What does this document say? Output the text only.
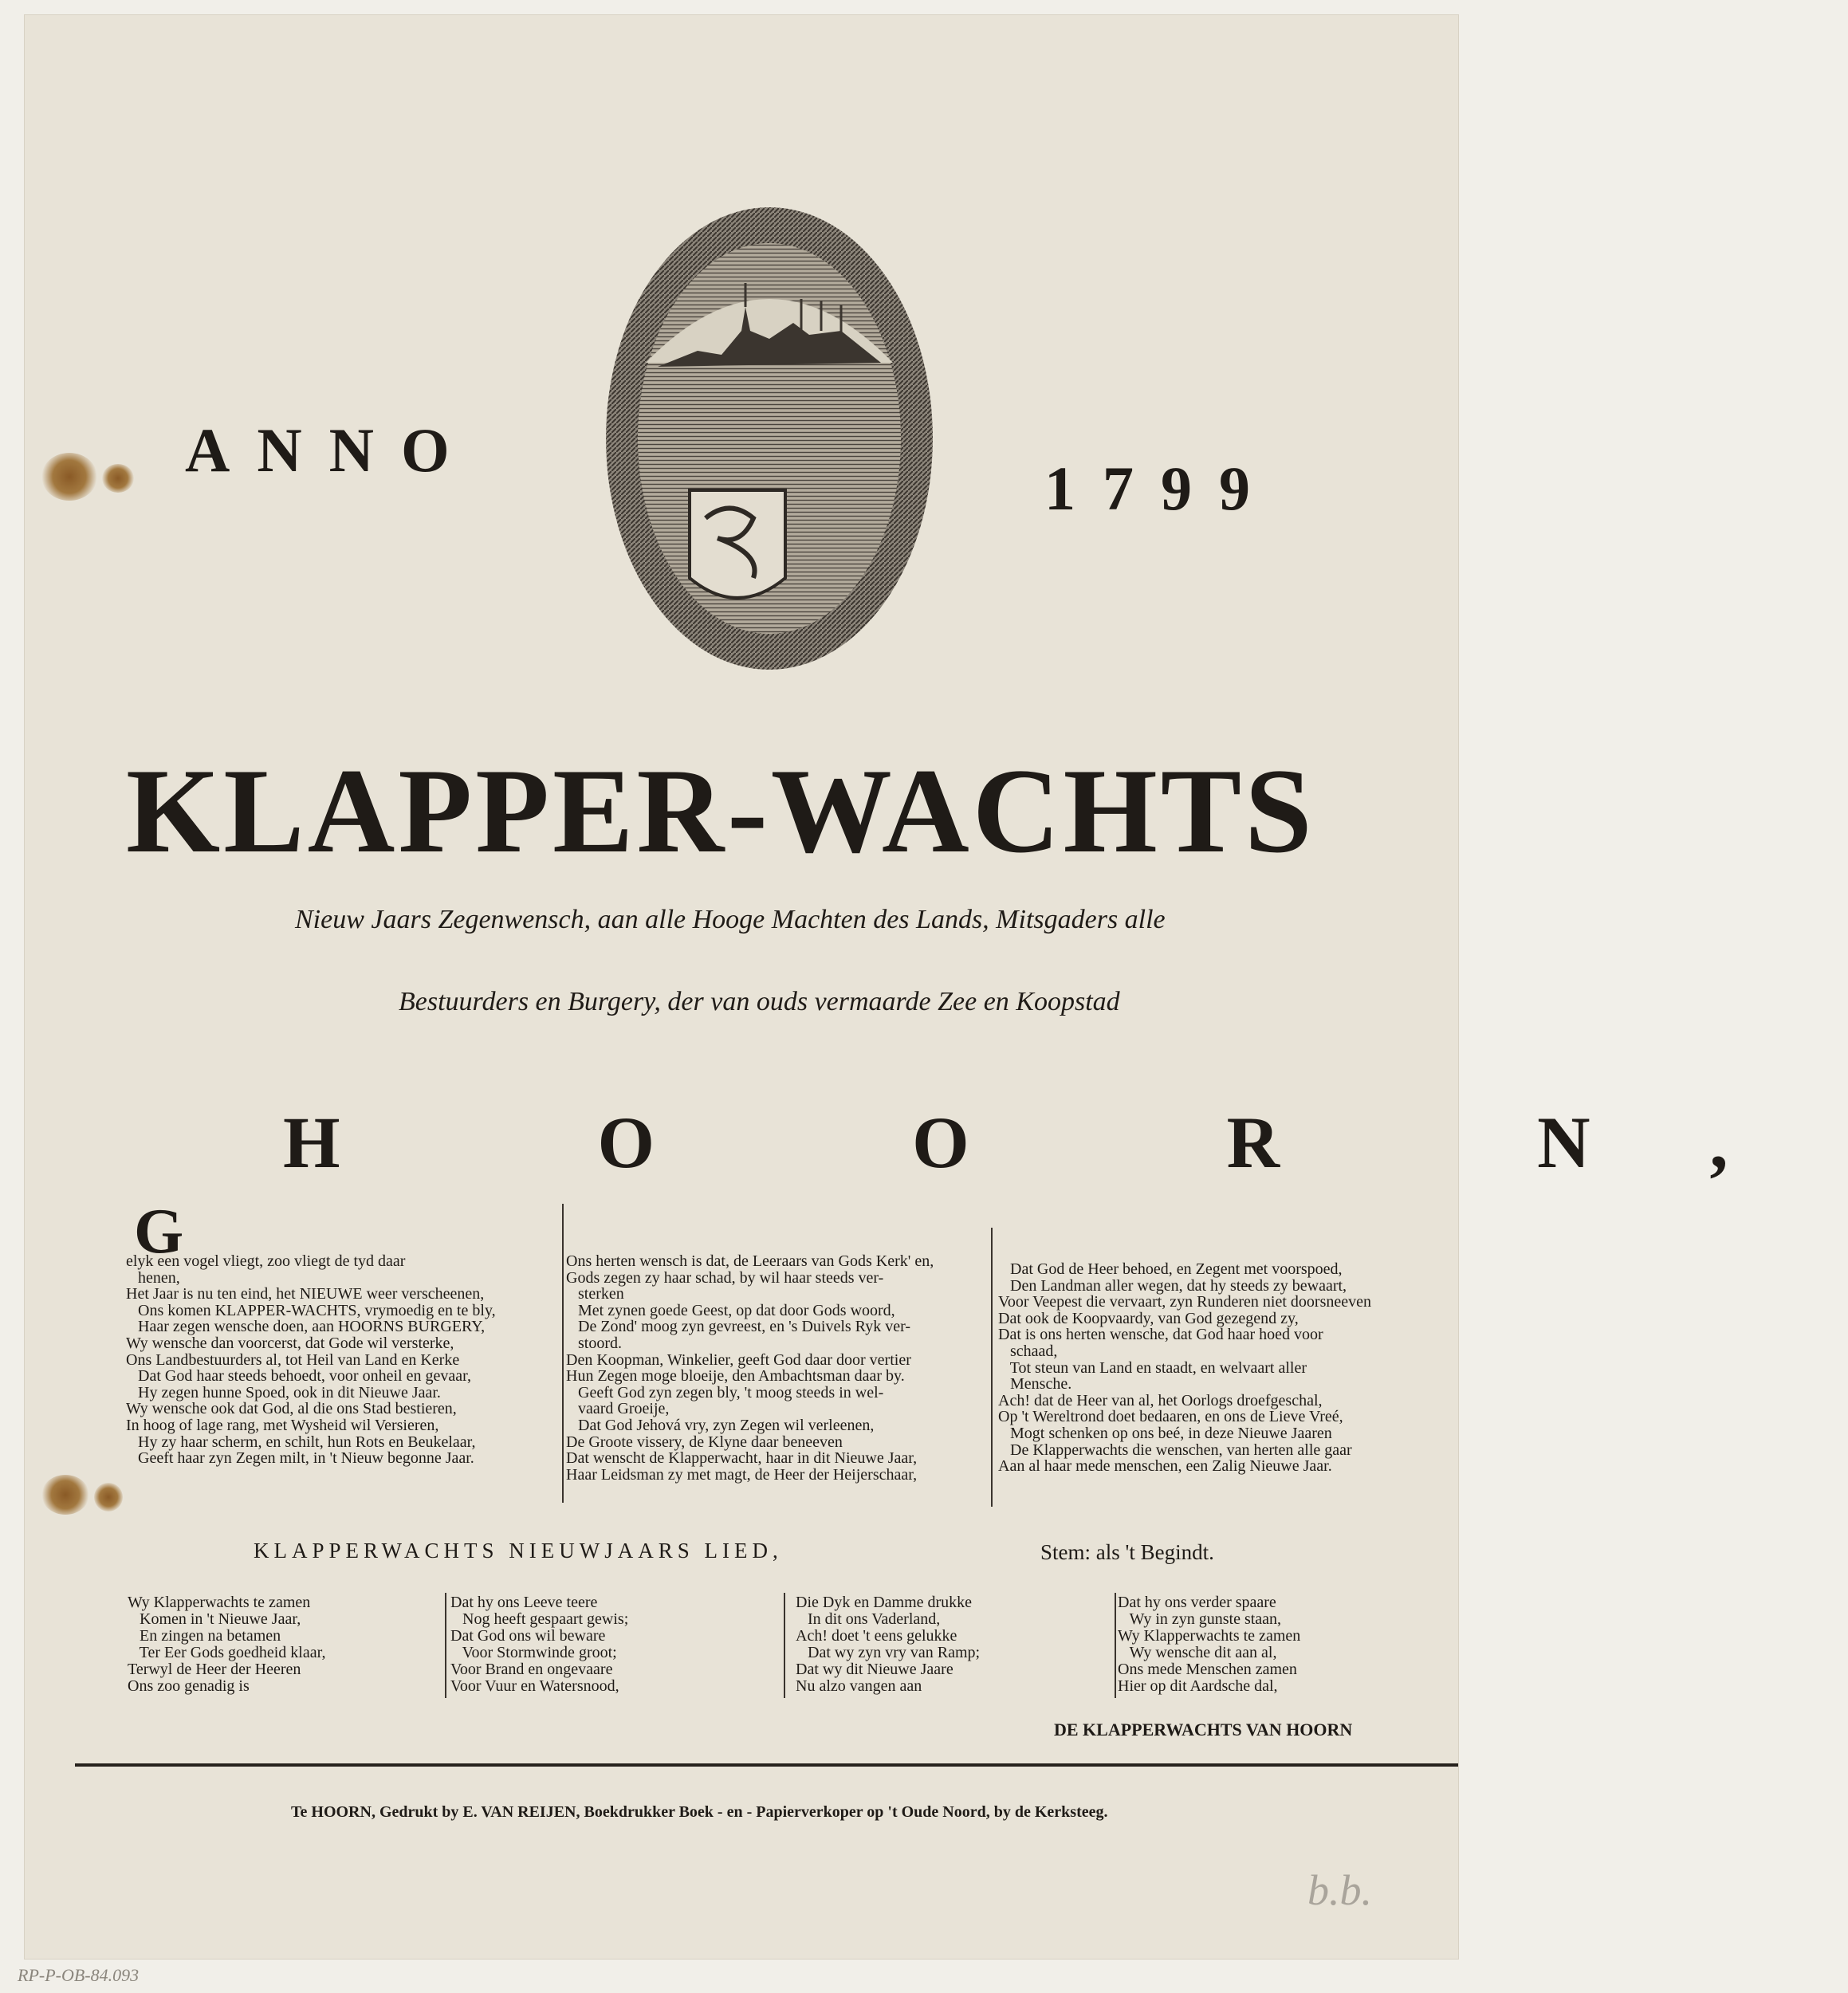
ANNO
1799
KLAPPER-WACHTS
Nieuw Jaars Zegenwensch, aan alle Hooge Machten des Lands, Mitsgaders alle
Bestuurders en Burgery, der van ouds vermaarde Zee en Koopstad
H O O R N,
G
elyk een vogel vliegt, zoo vliegt de tyd daar
henen,
Het Jaar is nu ten eind, het NIEUWE weer verscheenen,
Ons komen KLAPPER-WACHTS, vrymoedig en te bly,
Haar zegen wensche doen, aan HOORNS BURGERY,
Wy wensche dan voorcerst, dat Gode wil versterke,
Ons Landbestuurders al, tot Heil van Land en Kerke
Dat God haar steeds behoedt, voor onheil en gevaar,
Hy zegen hunne Spoed, ook in dit Nieuwe Jaar.
Wy wensche ook dat God, al die ons Stad bestieren,
In hoog of lage rang, met Wysheid wil Versieren,
Hy zy haar scherm, en schilt, hun Rots en Beukelaar,
Geeft haar zyn Zegen milt, in 't Nieuw begonne Jaar.
Ons herten wensch is dat, de Leeraars van Gods Kerk' en,
Gods zegen zy haar schad, by wil haar steeds ver-
sterken
Met zynen goede Geest, op dat door Gods woord,
De Zond' moog zyn gevreest, en 's Duivels Ryk ver-
stoord.
Den Koopman, Winkelier, geeft God daar door vertier
Hun Zegen moge bloeije, den Ambachtsman daar by.
Geeft God zyn zegen bly, 't moog steeds in wel-
vaard Groeije,
Dat God Jehová vry, zyn Zegen wil verleenen,
De Groote vissery, de Klyne daar beneeven
Dat wenscht de Klapperwacht, haar in dit Nieuwe Jaar,
Haar Leidsman zy met magt, de Heer der Heijerschaar,
Dat God de Heer behoed, en Zegent met voorspoed,
Den Landman aller wegen, dat hy steeds zy bewaart,
Voor Veepest die vervaart, zyn Runderen niet doorsneeven
Dat ook de Koopvaardy, van God gezegend zy,
Dat is ons herten wensche, dat God haar hoed voor
schaad,
Tot steun van Land en staadt, en welvaart aller
Mensche.
Ach! dat de Heer van al, het Oorlogs droefgeschal,
Op 't Wereltrond doet bedaaren, en ons de Lieve Vreé,
Mogt schenken op ons beé, in deze Nieuwe Jaaren
De Klapperwachts die wenschen, van herten alle gaar
Aan al haar mede menschen, een Zalig Nieuwe Jaar.
KLAPPERWACHTS NIEUWJAARS LIED,	Stem: als 't Begindt.
Wy Klapperwachts te zamen
Komen in 't Nieuwe Jaar,
En zingen na betamen
Ter Eer Gods goedheid klaar,
Terwyl de Heer der Heeren
Ons zoo genadig is
Dat hy ons Leeve teere
Nog heeft gespaart gewis;
Dat God ons wil beware
Voor Stormwinde groot;
Voor Brand en ongevaare
Voor Vuur en Watersnood,
Die Dyk en Damme drukke
In dit ons Vaderland,
Ach! doet 't eens gelukke
Dat wy zyn vry van Ramp;
Dat wy dit Nieuwe Jaare
Nu alzo vangen aan
Dat hy ons verder spaare
Wy in zyn gunste staan,
Wy Klapperwachts te zamen
Wy wensche dit aan al,
Ons mede Menschen zamen
Hier op dit Aardsche dal,
DE KLAPPERWACHTS VAN HOORN
Te HOORN, Gedrukt by E. VAN REIJEN, Boekdrukker Boek - en - Papierverkoper op 't Oude Noord, by de Kerksteeg.
RP-P-OB-84.093
b.b.
